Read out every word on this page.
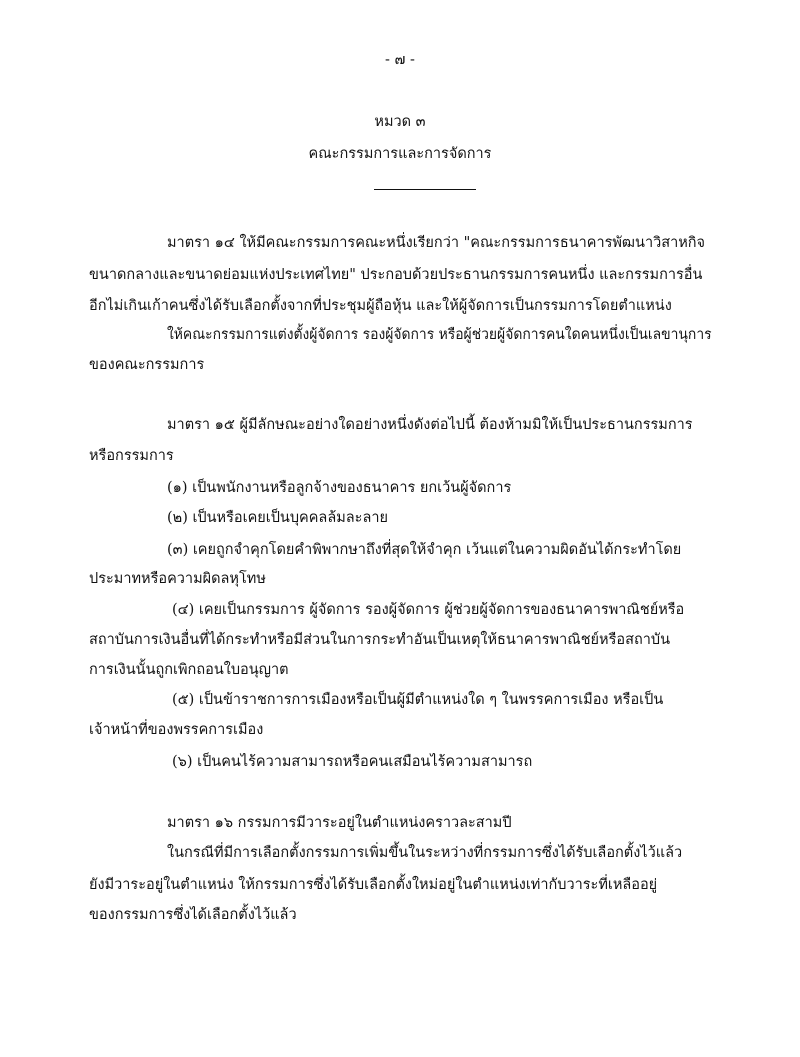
- ๗ -
หมวด ๓
คณะกรรมการและการจัดการ
มาตรา ๑๔ ให้มีคณะกรรมการคณะหนึ่งเรียกว่า "คณะกรรมการธนาคารพัฒนาวิสาหกิจ
ขนาดกลางและขนาดย่อมแห่งประเทศไทย" ประกอบด้วยประธานกรรมการคนหนึ่ง และกรรมการอื่น
อีกไม่เกินเก้าคนซึ่งได้รับเลือกตั้งจากที่ประชุมผู้ถือหุ้น และให้ผู้จัดการเป็นกรรมการโดยตำแหน่ง
ให้คณะกรรมการแต่งตั้งผู้จัดการ รองผู้จัดการ หรือผู้ช่วยผู้จัดการคนใดคนหนึ่งเป็นเลขานุการ
ของคณะกรรมการ
มาตรา ๑๕ ผู้มีลักษณะอย่างใดอย่างหนึ่งดังต่อไปนี้ ต้องห้ามมิให้เป็นประธานกรรมการ
หรือกรรมการ
(๑) เป็นพนักงานหรือลูกจ้างของธนาคาร ยกเว้นผู้จัดการ
(๒) เป็นหรือเคยเป็นบุคคลล้มละลาย
(๓) เคยถูกจำคุกโดยคำพิพากษาถึงที่สุดให้จำคุก เว้นแต่ในความผิดอันได้กระทำโดย
ประมาทหรือความผิดลหุโทษ
(๔) เคยเป็นกรรมการ ผู้จัดการ รองผู้จัดการ ผู้ช่วยผู้จัดการของธนาคารพาณิชย์หรือ
สถาบันการเงินอื่นที่ได้กระทำหรือมีส่วนในการกระทำอันเป็นเหตุให้ธนาคารพาณิชย์หรือสถาบัน
การเงินนั้นถูกเพิกถอนใบอนุญาต
(๕) เป็นข้าราชการการเมืองหรือเป็นผู้มีตำแหน่งใด ๆ ในพรรคการเมือง หรือเป็น
เจ้าหน้าที่ของพรรคการเมือง
(๖) เป็นคนไร้ความสามารถหรือคนเสมือนไร้ความสามารถ
มาตรา ๑๖ กรรมการมีวาระอยู่ในตำแหน่งคราวละสามปี
ในกรณีที่มีการเลือกตั้งกรรมการเพิ่มขึ้นในระหว่างที่กรรมการซึ่งได้รับเลือกตั้งไว้แล้ว
ยังมีวาระอยู่ในตำแหน่ง ให้กรรมการซึ่งได้รับเลือกตั้งใหม่อยู่ในตำแหน่งเท่ากับวาระที่เหลืออยู่
ของกรรมการซึ่งได้เลือกตั้งไว้แล้ว
